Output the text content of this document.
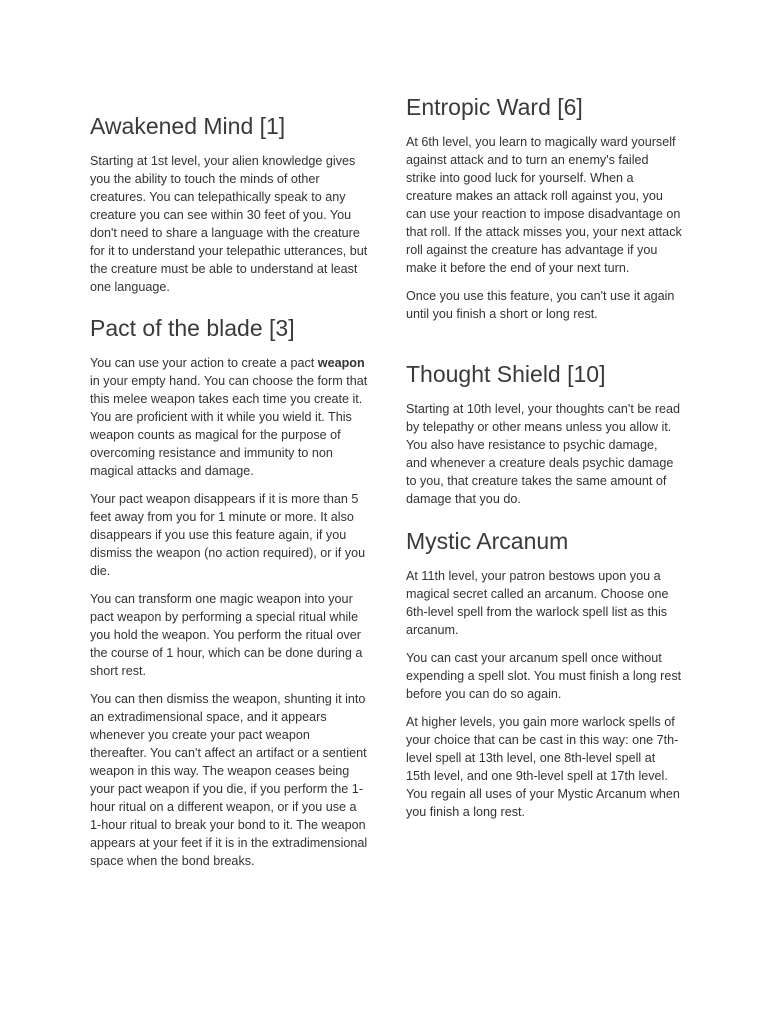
Awakened Mind [1]

Starting at 1st level, your alien knowledge gives you the ability to touch the minds of other creatures. You can telepathically speak to any creature you can see within 30 feet of you. You don't need to share a language with the creature for it to understand your telepathic utterances, but the creature must be able to understand at least one language.

Pact of the blade [3]

You can use your action to create a pact weapon in your empty hand. You can choose the form that this melee weapon takes each time you create it. You are proficient with it while you wield it. This weapon counts as magical for the purpose of overcoming resistance and immunity to non magical attacks and damage.

Your pact weapon disappears if it is more than 5 feet away from you for 1 minute or more. It also disappears if you use this feature again, if you dismiss the weapon (no action required), or if you die.

You can transform one magic weapon into your pact weapon by performing a special ritual while you hold the weapon. You perform the ritual over the course of 1 hour, which can be done during a short rest.

You can then dismiss the weapon, shunting it into an extradimensional space, and it appears whenever you create your pact weapon thereafter. You can't affect an artifact or a sentient weapon in this way. The weapon ceases being your pact weapon if you die, if you perform the 1-hour ritual on a different weapon, or if you use a 1-hour ritual to break your bond to it. The weapon appears at your feet if it is in the extradimensional space when the bond breaks.

Entropic Ward [6]

At 6th level, you learn to magically ward yourself against attack and to turn an enemy's failed strike into good luck for yourself. When a creature makes an attack roll against you, you can use your reaction to impose disadvantage on that roll. If the attack misses you, your next attack roll against the creature has advantage if you make it before the end of your next turn.

Once you use this feature, you can't use it again until you finish a short or long rest.

Thought Shield [10]

Starting at 10th level, your thoughts can't be read by telepathy or other means unless you allow it. You also have resistance to psychic damage, and whenever a creature deals psychic damage to you, that creature takes the same amount of damage that you do.

Mystic Arcanum

At 11th level, your patron bestows upon you a magical secret called an arcanum. Choose one 6th-level spell from the warlock spell list as this arcanum.

You can cast your arcanum spell once without expending a spell slot. You must finish a long rest before you can do so again.

At higher levels, you gain more warlock spells of your choice that can be cast in this way: one 7th-level spell at 13th level, one 8th-level spell at 15th level, and one 9th-level spell at 17th level. You regain all uses of your Mystic Arcanum when you finish a long rest.
